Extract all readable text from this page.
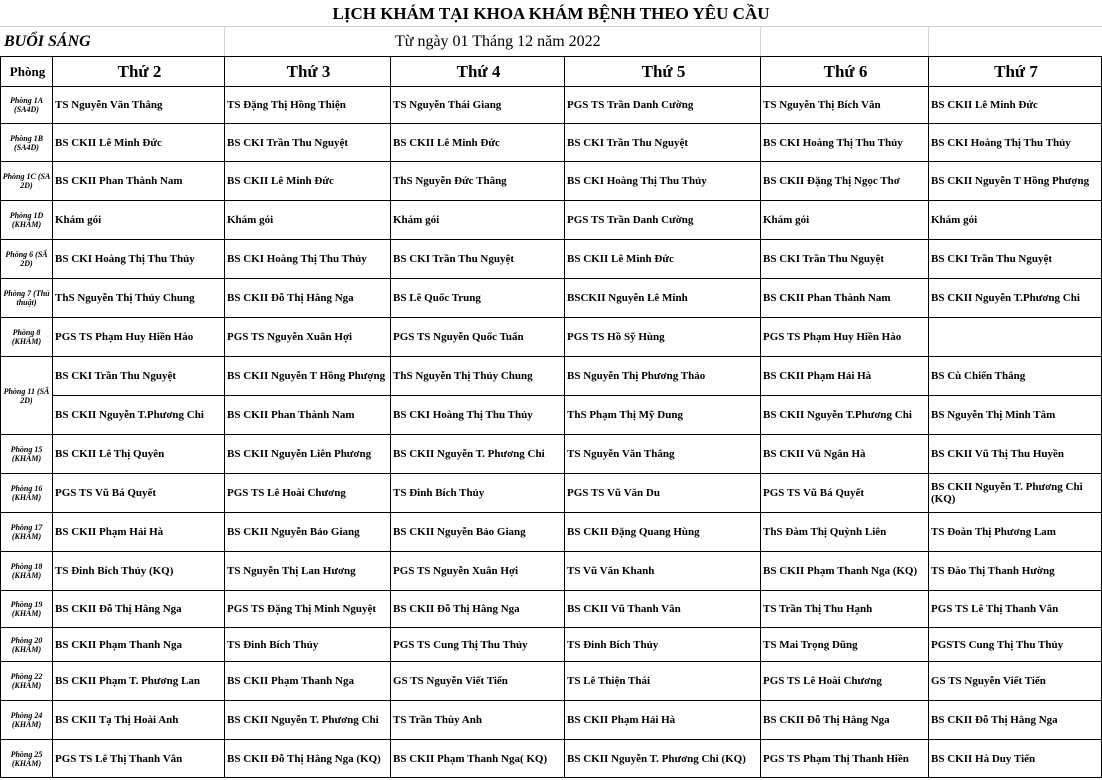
LỊCH KHÁM TẠI KHOA KHÁM BỆNH THEO YÊU CẦU
BUỔI SÁNG	Từ ngày 01 Tháng 12 năm 2022
Phòng	Thứ 2	Thứ 3	Thứ 4	Thứ 5	Thứ 6	Thứ 7
Phòng 1A (SA4D)	TS Nguyễn Văn Thắng	TS Đặng Thị Hồng Thiện	TS Nguyễn Thái Giang	PGS TS Trần Danh Cường	TS Nguyễn Thị Bích Vân	BS CKII Lê Minh Đức
Phòng 1B (SA4D)	BS CKII Lê Minh Đức	BS CKI Trần Thu Nguyệt	BS CKII Lê Minh Đức	BS CKI Trần Thu Nguyệt	BS CKI Hoàng Thị Thu Thủy	BS CKI Hoàng Thị Thu Thủy
Phòng 1C (SA 2D)	BS CKII Phan Thành Nam	BS CKII Lê Minh Đức	ThS Nguyễn Đức Thắng	BS CKI Hoàng Thị Thu Thủy	BS CKII Đặng Thị Ngọc Thơ	BS CKII Nguyễn T Hồng Phượng
Phòng 1D (KHÁM)	Khám gói	Khám gói	Khám gói	PGS TS Trần Danh Cường	Khám gói	Khám gói
Phòng 6 (SÂ 2D)	BS CKI Hoàng Thị Thu Thủy	BS CKI Hoàng Thị Thu Thủy	BS CKI Trần Thu Nguyệt	BS CKII Lê Minh Đức	BS CKI Trần Thu Nguyệt	BS CKI Trần Thu Nguyệt
Phòng 7 (Thủ thuật)	ThS Nguyễn Thị Thủy Chung	BS CKII Đỗ Thị Hằng Nga	BS Lê Quốc Trung	BSCKII Nguyễn Lê Minh	BS CKII Phan Thành Nam	BS CKII Nguyễn T.Phương Chi
Phòng 8 (KHÁM)	PGS TS Phạm Huy Hiền Hào	PGS TS Nguyễn Xuân Hợi	PGS TS Nguyễn Quốc Tuấn	PGS TS Hồ Sỹ Hùng	PGS TS Phạm Huy Hiền Hào	
Phòng 11 (SÂ 2D)	BS CKI Trần Thu Nguyệt	BS CKII Nguyễn T Hồng Phượng	ThS Nguyễn Thị Thủy Chung	BS Nguyễn Thị Phương Thảo	BS CKII Phạm Hải Hà	BS Cù Chiến Thắng
	BS CKII Nguyễn T.Phương Chi	BS CKII Phan Thành Nam	BS CKI Hoàng Thị Thu Thủy	ThS Phạm Thị Mỹ Dung	BS CKII Nguyễn T.Phương Chi	BS Nguyễn Thị Minh Tâm
Phòng 15 (KHÁM)	BS CKII Lê Thị Quyên	BS CKII Nguyễn Liên Phương	BS CKII Nguyễn T. Phương Chi	TS Nguyễn Văn Thắng	BS CKII Vũ Ngân Hà	BS CKII Vũ Thị Thu Huyền
Phòng 16 (KHÁM)	PGS TS Vũ Bá Quyết	PGS TS Lê Hoài Chương	TS Đinh Bích Thủy	PGS TS Vũ Văn Du	PGS TS Vũ Bá Quyết	BS CKII Nguyễn T. Phương Chi (KQ)
Phòng 17 (KHÁM)	BS CKII Phạm Hải Hà	BS CKII Nguyễn Bảo Giang	BS CKII Nguyễn Bảo Giang	BS CKII Đặng Quang Hùng	ThS Đàm Thị Quỳnh Liên	TS Đoàn Thị Phương Lam
Phòng 18 (KHÁM)	TS Đinh Bích Thủy (KQ)	TS Nguyễn Thị Lan Hương	PGS TS Nguyễn Xuân Hợi	TS Vũ Văn Khanh	BS CKII Phạm Thanh Nga (KQ)	TS Đào Thị Thanh Hường
Phòng 19 (KHÁM)	BS CKII Đỗ Thị Hằng Nga	PGS TS Đặng Thị Minh Nguyệt	BS CKII Đỗ Thị Hằng Nga	BS CKII Vũ Thanh Vân	TS Trần Thị Thu Hạnh	PGS TS Lê Thị Thanh Vân
Phòng 20 (KHÁM)	BS CKII Phạm Thanh Nga	TS Đinh Bích Thủy	PGS TS Cung Thị Thu Thủy	TS Đinh Bích Thủy	TS Mai Trọng Dũng	PGSTS Cung Thị Thu Thủy
Phòng 22 (KHÁM)	BS CKII Phạm T. Phương Lan	BS CKII Phạm Thanh Nga	GS TS Nguyễn Viết Tiến	TS Lê Thiện Thái	PGS TS Lê Hoài Chương	GS TS Nguyễn Viết Tiến
Phòng 24 (KHÁM)	BS CKII Tạ Thị Hoài Anh	BS CKII Nguyễn T. Phương Chi	TS Trần Thùy Anh	BS CKII Phạm Hải Hà	BS CKII Đỗ Thị Hằng Nga	BS CKII Đỗ Thị Hằng Nga
Phòng 25 (KHÁM)	PGS TS Lê Thị Thanh Vân	BS CKII Đỗ Thị Hằng Nga (KQ)	BS CKII Phạm Thanh Nga( KQ)	BS CKII Nguyễn T. Phương Chi (KQ)	PGS TS Phạm Thị Thanh Hiền	BS CKII Hà Duy Tiến
